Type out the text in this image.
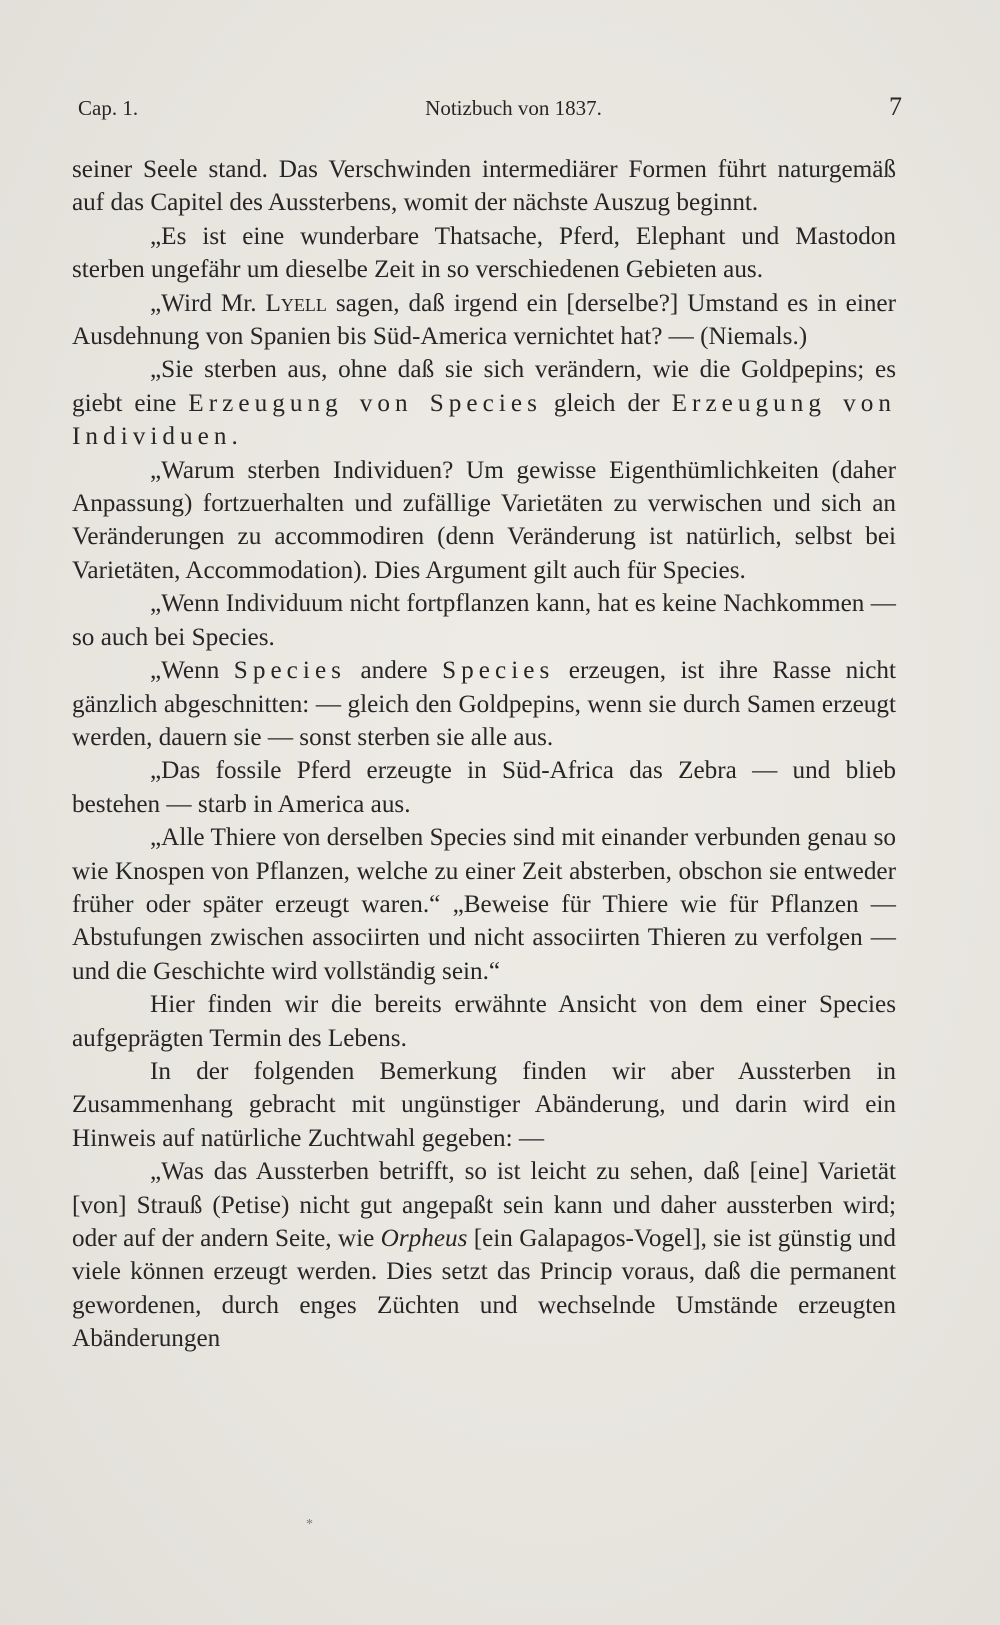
Cap. 1.	Notizbuch von 1837.	7

seiner Seele stand. Das Verschwinden intermediärer Formen führt naturgemäß auf das Capitel des Aussterbens, womit der nächste Auszug beginnt.

„Es ist eine wunderbare Thatsache, Pferd, Elephant und Mastodon sterben ungefähr um dieselbe Zeit in so verschiedenen Gebieten aus.

„Wird Mr. Lyell sagen, daß irgend ein [derselbe?] Umstand es in einer Ausdehnung von Spanien bis Süd-America vernichtet hat? — (Niemals.)

„Sie sterben aus, ohne daß sie sich verändern, wie die Goldpepins; es giebt eine Erzeugung von Species gleich der Erzeugung von Individuen.

„Warum sterben Individuen? Um gewisse Eigenthümlichkeiten (daher Anpassung) fortzuerhalten und zufällige Varietäten zu verwischen und sich an Veränderungen zu accommodiren (denn Veränderung ist natürlich, selbst bei Varietäten, Accommodation). Dies Argument gilt auch für Species.

„Wenn Individuum nicht fortpflanzen kann, hat es keine Nachkommen — so auch bei Species.

„Wenn Species andere Species erzeugen, ist ihre Rasse nicht gänzlich abgeschnitten: — gleich den Goldpepins, wenn sie durch Samen erzeugt werden, dauern sie — sonst sterben sie alle aus.

„Das fossile Pferd erzeugte in Süd-Africa das Zebra — und blieb bestehen — starb in America aus.

„Alle Thiere von derselben Species sind mit einander verbunden genau so wie Knospen von Pflanzen, welche zu einer Zeit absterben, obschon sie entweder früher oder später erzeugt waren.“ „Beweise für Thiere wie für Pflanzen — Abstufungen zwischen associirten und nicht associirten Thieren zu verfolgen — und die Geschichte wird vollständig sein.“

Hier finden wir die bereits erwähnte Ansicht von dem einer Species aufgeprägten Termin des Lebens.

In der folgenden Bemerkung finden wir aber Aussterben in Zusammenhang gebracht mit ungünstiger Abänderung, und darin wird ein Hinweis auf natürliche Zuchtwahl gegeben: —

„Was das Aussterben betrifft, so ist leicht zu sehen, daß [eine] Varietät [von] Strauß (Petise) nicht gut angepaßt sein kann und daher aussterben wird; oder auf der andern Seite, wie Orpheus [ein Galapagos-Vogel], sie ist günstig und viele können erzeugt werden. Dies setzt das Princip voraus, daß die permanent gewordenen, durch enges Züchten und wechselnde Umstände erzeugten Abänderungen

*
